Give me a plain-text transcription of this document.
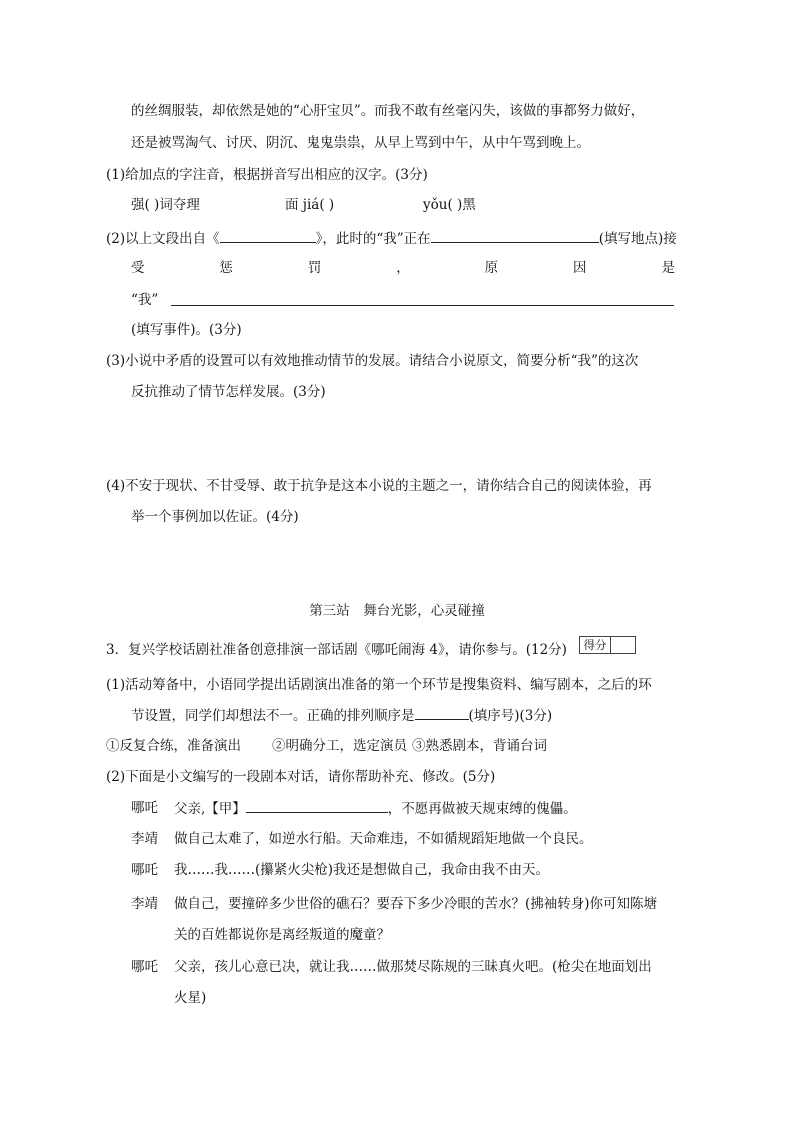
的丝绸服装，却依然是她的“心肝宝贝”。而我不敢有丝毫闪失，该做的事都努力做好，
还是被骂淘气、讨厌、阴沉、鬼鬼祟祟，从早上骂到中午，从中午骂到晚上。
(1)给加点的字注音，根据拼音写出相应的汉字。(3分)
强( )词夺理	面 jiá( )	yǒu( )黑
(2)以上文段出自《	》，此时的“我”正在	(填写地点)接
受	惩	罚	，	原	因	是
“我”
(填写事件)。(3分)
(3)小说中矛盾的设置可以有效地推动情节的发展。请结合小说原文，简要分析“我”的这次
反抗推动了情节怎样发展。(3分)
(4)不安于现状、不甘受辱、敢于抗争是这本小说的主题之一，请你结合自己的阅读体验，再
举一个事例加以佐证。(4分)
第三站　舞台光影，心灵碰撞
3．复兴学校话剧社准备创意排演一部话剧《哪吒闹海 4》，请你参与。(12分)	得分
(1)活动筹备中，小语同学提出话剧演出准备的第一个环节是搜集资料、编写剧本，之后的环
节设置，同学们却想法不一。正确的排列顺序是	(填序号)(3分)
①反复合练，准备演出 ②明确分工，选定演员 ③熟悉剧本，背诵台词
(2)下面是小文编写的一段剧本对话，请你帮助补充、修改。(5分)
哪吒 父亲,【甲】	，不愿再做被天规束缚的傀儡。
李靖 做自己太难了，如逆水行船。天命难违，不如循规蹈矩地做一个良民。
哪吒 我……我……(攥紧火尖枪)我还是想做自己，我命由我不由天。
李靖 做自己，要撞碎多少世俗的礁石？要吞下多少冷眼的苦水？(拂袖转身)你可知陈塘
关的百姓都说你是离经叛道的魔童？
哪吒 父亲，孩儿心意已决，就让我……做那焚尽陈规的三昧真火吧。(枪尖在地面划出
火星)
